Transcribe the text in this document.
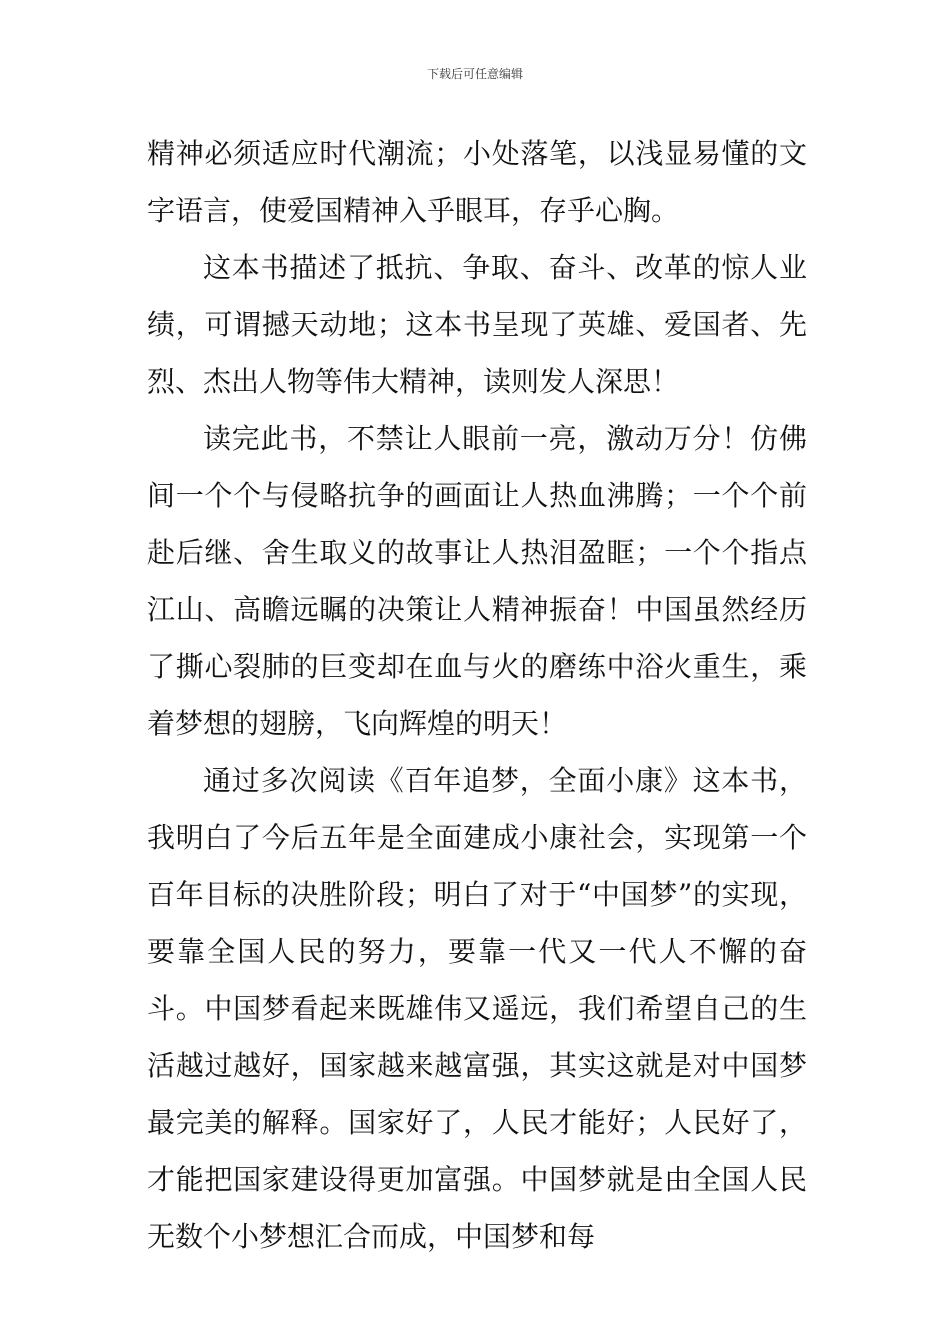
下载后可任意编辑

精神必须适应时代潮流；小处落笔，以浅显易懂的文字语言，使爱国精神入乎眼耳，存乎心胸。

这本书描述了抵抗、争取、奋斗、改革的惊人业绩，可谓撼天动地；这本书呈现了英雄、爱国者、先烈、杰出人物等伟大精神，读则发人深思！

读完此书，不禁让人眼前一亮，激动万分！仿佛间一个个与侵略抗争的画面让人热血沸腾；一个个前赴后继、舍生取义的故事让人热泪盈眶；一个个指点江山、高瞻远瞩的决策让人精神振奋！中国虽然经历了撕心裂肺的巨变却在血与火的磨练中浴火重生，乘着梦想的翅膀，飞向辉煌的明天！

通过多次阅读《百年追梦，全面小康》这本书，我明白了今后五年是全面建成小康社会，实现第一个百年目标的决胜阶段；明白了对于“中国梦”的实现，要靠全国人民的努力，要靠一代又一代人不懈的奋斗。中国梦看起来既雄伟又遥远，我们希望自己的生活越过越好，国家越来越富强，其实这就是对中国梦最完美的解释。国家好了，人民才能好；人民好了，才能把国家建设得更加富强。中国梦就是由全国人民无数个小梦想汇合而成，中国梦和每
